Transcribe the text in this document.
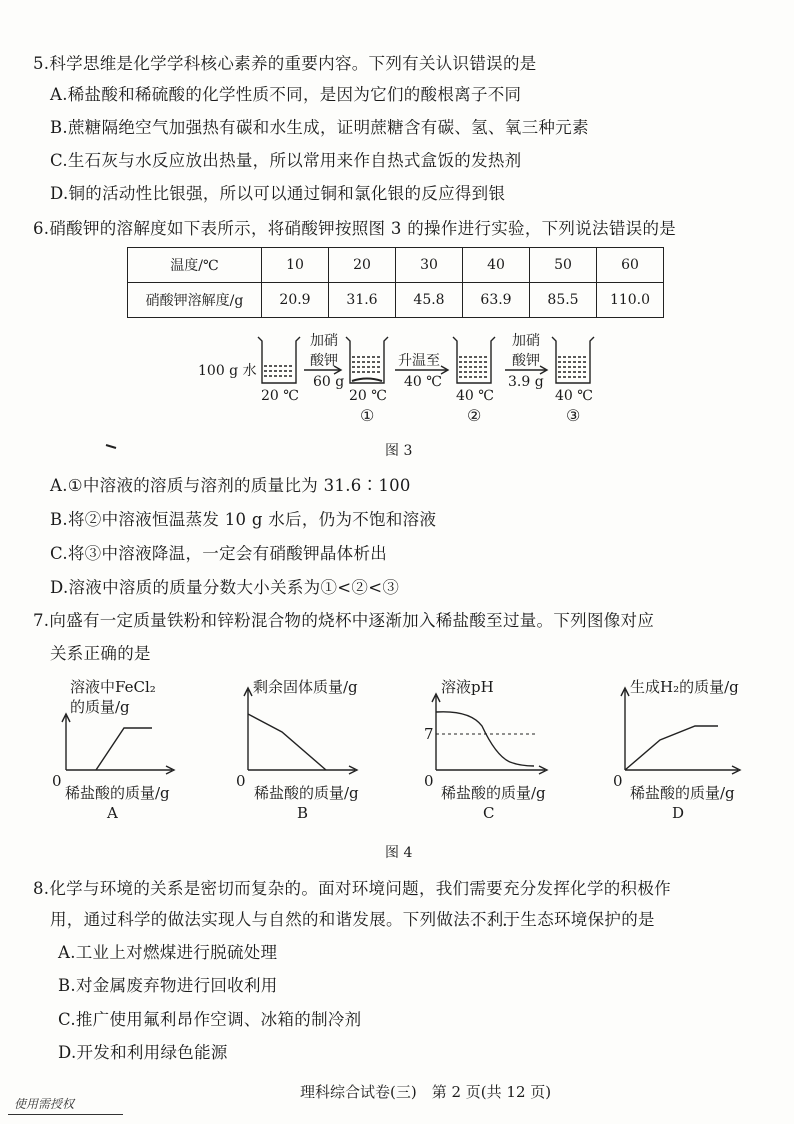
5.科学思维是化学学科核心素养的重要内容。下列有关认识错误 • •的是
A.稀盐酸和稀硫酸的化学性质不同，是因为它们的酸根离子不同
B.蔗糖隔绝空气加强热有碳和水生成，证明蔗糖含有碳、氢、氧三种元素
C.生石灰与水反应放出热量，所以常用来作自热式盒饭的发热剂
D.铜的活动性比银强，所以可以通过铜和氯化银的反应得到银
6.硝酸钾的溶解度如下表所示，将硝酸钾按照图 3 的操作进行实验，下列说法错误 • •的是
温度/℃	10	20	30	40	50	60
硝酸钾溶解度/g	20.9	31.6	45.8	63.9	85.5	110.0
100 g 水
加硝
酸钾
60 g
升温至
40 ℃
加硝
酸钾
3.9 g
20 ℃	20 ℃
①
40 ℃
②
40 ℃
③
图 3
A.①中溶液的溶质与溶剂的质量比为 31.6∶100
B.将②中溶液恒温蒸发 10 g 水后，仍为不饱和溶液
C.将③中溶液降温，一定会有硝酸钾晶体析出
D.溶液中溶质的质量分数大小关系为①<②<③
7.向盛有一定质量铁粉和锌粉混合物的烧杯中逐渐加入稀盐酸至过量。下列图像对应
关系正确的是
溶液中FeCl₂
的质量/g
0
稀盐酸的质量/g
A
剩余固体质量/g
0
稀盐酸的质量/g
B
溶液pH
7
0
稀盐酸的质量/g
C
生成H₂的质量/g
0
稀盐酸的质量/g
D
图 4
8.化学与环境的关系是密切而复杂的。面对环境问题，我们需要充分发挥化学的积极作
用，通过科学的做法实现人与自然的和谐发展。下列做法不利于 • • •生态环境保护的是
A.工业上对燃煤进行脱硫处理
B.对金属废弃物进行回收利用
C.推广使用氟利昂作空调、冰箱的制冷剂
D.开发和利用绿色能源
理科综合试卷(三)　第 2 页(共 12 页)
使用需授权
